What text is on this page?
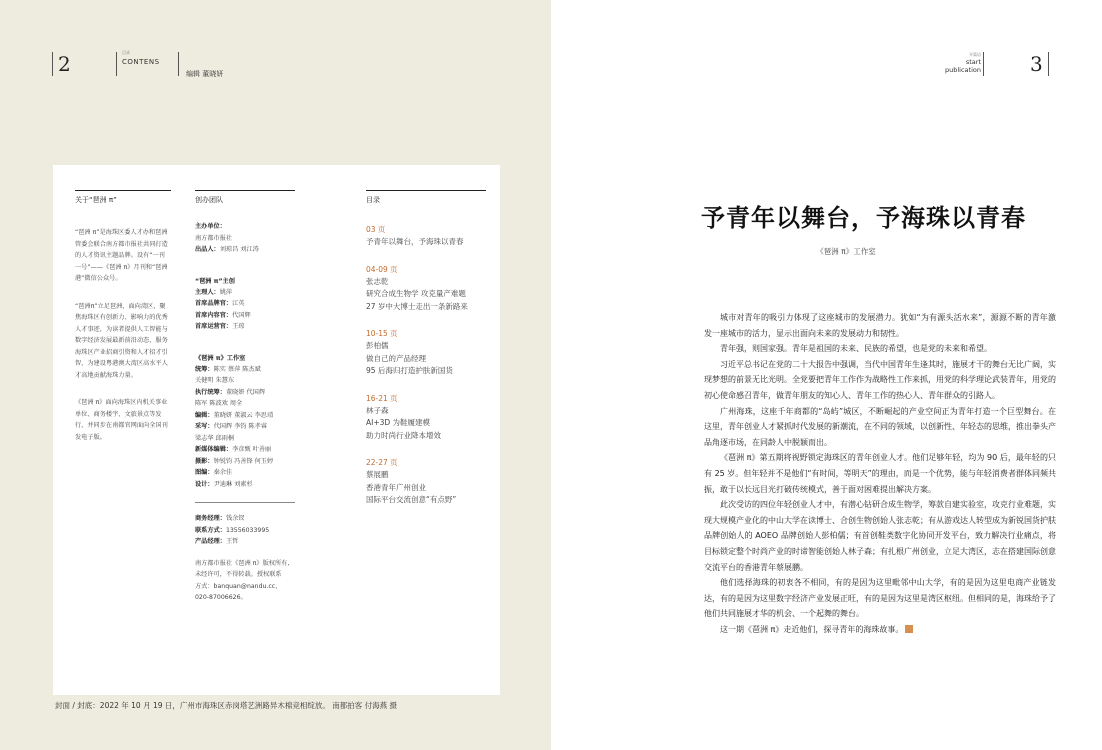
2	目录
CONTENS
编辑 董晓妍
关于“琶洲 π”
“琶洲 π”是海珠区委人才办和琶洲管委会联合南方都市报社共同打造的人才资讯主题品牌。设有“一刊一号”——《琶洲 π》月刊和“琶洲港”微信公众号。
“琶洲π”立足琶洲，面向湾区，聚焦海珠区有创新力、影响力的优秀人才事迹，为读者提供人工智能与数字经济发展最新前沿动态，服务海珠区产业招商引资和人才招才引智，为建设粤港澳大湾区高水平人才高地贡献海珠力量。
《琶洲 π》面向海珠区内机关事业单位、商务楼宇、文旅景点等发行，并同步在南都官网面向全国刊发电子版。
创办团队
主办单位：
南方都市报社
出品人：刘琼昌 刘江涛
“琶洲 π”主创
主理人：姚萍
首席品牌官：江英
首席内容官：代国辉
首席运营官：王琼
《琶洲 π》工作室
统筹：陈实 蔡萍 陈杰斌
关健明 朱慧东
执行统筹：董晓妍 代国辉
陈军 陈波欢 周全
编辑：董晓妍 董淑云 李思靖
采写：代国辉 李钧 陈孝睿
梁志华 邱雨桐
新媒体编辑：李彦甄 叶善丽
摄影：钟锐钧 冯善锋 何玉婷
图编：秦余佳
设计：尹迪琳 刘素杉
商务经理：钱余钗
联系方式：13556033995
产品经理：王哲
南方都市报社《琶洲 π》版权所有,
未经许可，不得转载。授权联系
方式：banquan@nandu.cc，
020-87006626。
目录
03 页
予青年以舞台，予海珠以青春
04-09 页
张志乾
研究合成生物学 攻克量产难题
27 岁中大博士走出一条新路来
10-15 页
彭柏儒
做自己的产品经理
95 后海归打造护肤新国货
16-21 页
林子森
AI+3D 为鞋履建模
助力时尚行业降本增效
22-27 页
蔡展鹏
香港青年广州创业
国际平台交流创意“有点野”
封面 / 封底：2022 年 10 月 19 日，广州市海珠区赤岗塔艺洲路异木棉竞相绽放。 南都拍客 付海燕 摄
开篇语
start
publication 3
予青年以舞台，予海珠以青春
《琶洲 π》工作室

城市对青年的吸引力体现了这座城市的发展潜力。犹如“为有源头活水来”，源源不断的青年激发一座城市的活力，显示出面向未来的发展动力和韧性。

青年强，则国家强。青年是祖国的未来、民族的希望，也是党的未来和希望。

习近平总书记在党的二十大报告中强调，当代中国青年生逢其时，施展才干的舞台无比广阔，实现梦想的前景无比光明。全党要把青年工作作为战略性工作来抓，用党的科学理论武装青年，用党的初心使命感召青年，做青年朋友的知心人、青年工作的热心人、青年群众的引路人。

广州海珠，这座千年商都的“岛屿”城区，不断崛起的产业空间正为青年打造一个巨型舞台。在这里，青年创业人才紧抓时代发展的新潮流，在不同的领域，以创新性、年轻态的思维，推出拳头产品角逐市场，在同龄人中脱颖而出。

《琶洲 π》第五期将视野锁定海珠区的青年创业人才。他们足够年轻，均为 90 后，最年轻的只有 25 岁。但年轻并不是他们“有时间，等明天”的理由，而是一个优势，能与年轻消费者群体同频共振，敢于以长远目光打破传统模式，善于面对困难提出解决方案。

此次受访的四位年轻创业人才中，有潜心钻研合成生物学，筹款自建实验室，攻克行业难题，实现大规模产业化的中山大学在读博士、合创生物创始人张志乾；有从游戏达人转型成为新锐国货护肤品牌创始人的 AOEO 品牌创始人彭柏儒；有首创鞋类数字化协同开发平台，致力解决行业痛点，将目标锁定整个时尚产业的时谛智能创始人林子森；有扎根广州创业，立足大湾区，志在搭建国际创意交流平台的香港青年蔡展鹏。

他们选择海珠的初衷各不相同，有的是因为这里毗邻中山大学，有的是因为这里电商产业链发达，有的是因为这里数字经济产业发展正旺，有的是因为这里是湾区枢纽。但相同的是，海珠给予了他们共同施展才华的机会、一个起舞的舞台。

这一期《琶洲 π》走近他们，探寻青年的海珠故事。
